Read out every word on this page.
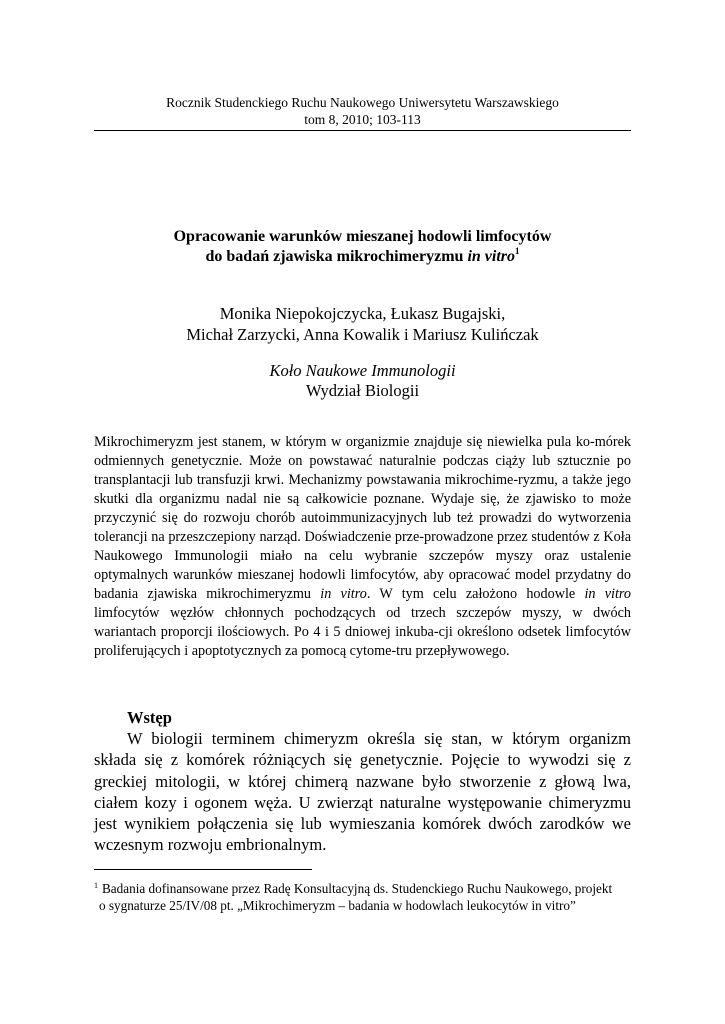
Rocznik Studenckiego Ruchu Naukowego Uniwersytetu Warszawskiego
tom 8, 2010; 103-113
Opracowanie warunków mieszanej hodowli limfocytów
do badań zjawiska mikrochimeryzmu in vitro$^1$
Monika Niepokojczycka, Łukasz Bugajski,
Michał Zarzycki, Anna Kowalik i Mariusz Kulińczak
Koło Naukowe Immunologii
Wydział Biologii
Mikrochimeryzm jest stanem, w którym w organizmie znajduje się niewielka pula ko-mórek odmiennych genetycznie. Może on powstawać naturalnie podczas ciąży lub sztucznie po transplantacji lub transfuzji krwi. Mechanizmy powstawania mikrochime-ryzmu, a także jego skutki dla organizmu nadal nie są całkowicie poznane. Wydaje się, że zjawisko to może przyczynić się do rozwoju chorób autoimmunizacyjnych lub też prowadzi do wytworzenia tolerancji na przeszczepiony narząd. Doświadczenie prze-prowadzone przez studentów z Koła Naukowego Immunologii miało na celu wybranie szczepów myszy oraz ustalenie optymalnych warunków mieszanej hodowli limfocytów, aby opracować model przydatny do badania zjawiska mikrochimeryzmu in vitro. W tym celu założono hodowle in vitro limfocytów węzłów chłonnych pochodzących od trzech szczepów myszy, w dwóch wariantach proporcji ilościowych. Po 4 i 5 dniowej inkuba-cji określono odsetek limfocytów proliferujących i apoptotycznych za pomocą cytome-tru przepływowego.
Wstęp
W biologii terminem chimeryzm określa się stan, w którym organizm składa się z komórek różniących się genetycznie. Pojęcie to wywodzi się z greckiej mitologii, w której chimerą nazwane było stworzenie z głową lwa, ciałem kozy i ogonem węża. U zwierząt naturalne występowanie chimeryzmu jest wynikiem połączenia się lub wymieszania komórek dwóch zarodków we wczesnym rozwoju embrionalnym.
$^1$ Badania dofinansowane przez Radę Konsultacyjną ds. Studenckiego Ruchu Naukowego, projekt
o sygnaturze 25/IV/08 pt. „Mikrochimeryzm – badania w hodowlach leukocytów in vitro”
